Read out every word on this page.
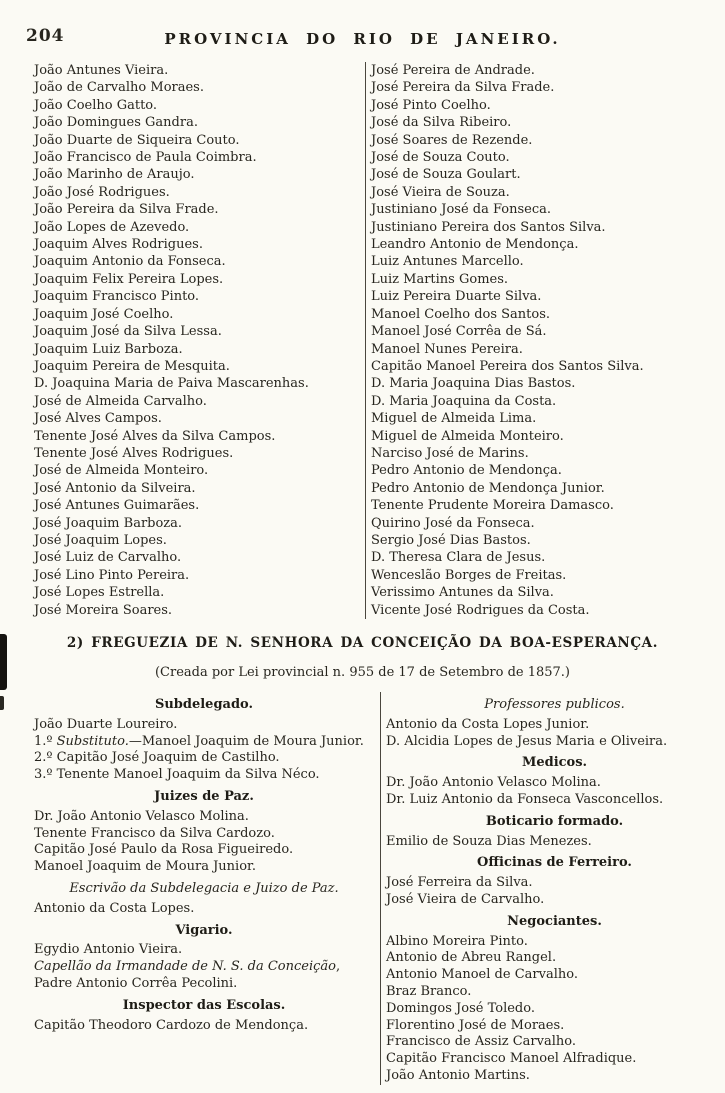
204	PROVINCIA DO RIO DE JANEIRO.
João Antunes Vieira.
João de Carvalho Moraes.
João Coelho Gatto.
João Domingues Gandra.
João Duarte de Siqueira Couto.
João Francisco de Paula Coimbra.
João Marinho de Araujo.
João José Rodrigues.
João Pereira da Silva Frade.
João Lopes de Azevedo.
Joaquim Alves Rodrigues.
Joaquim Antonio da Fonseca.
Joaquim Felix Pereira Lopes.
Joaquim Francisco Pinto.
Joaquim José Coelho.
Joaquim José da Silva Lessa.
Joaquim Luiz Barboza.
Joaquim Pereira de Mesquita.
D. Joaquina Maria de Paiva Mascarenhas.
José de Almeida Carvalho.
José Alves Campos.
Tenente José Alves da Silva Campos.
Tenente José Alves Rodrigues.
José de Almeida Monteiro.
José Antonio da Silveira.
José Antunes Guimarães.
José Joaquim Barboza.
José Joaquim Lopes.
José Luiz de Carvalho.
José Lino Pinto Pereira.
José Lopes Estrella.
José Moreira Soares.
José Pereira de Andrade.
José Pereira da Silva Frade.
José Pinto Coelho.
José da Silva Ribeiro.
José Soares de Rezende.
José de Souza Couto.
José de Souza Goulart.
José Vieira de Souza.
Justiniano José da Fonseca.
Justiniano Pereira dos Santos Silva.
Leandro Antonio de Mendonça.
Luiz Antunes Marcello.
Luiz Martins Gomes.
Luiz Pereira Duarte Silva.
Manoel Coelho dos Santos.
Manoel José Corrêa de Sá.
Manoel Nunes Pereira.
Capitão Manoel Pereira dos Santos Silva.
D. Maria Joaquina Dias Bastos.
D. Maria Joaquina da Costa.
Miguel de Almeida Lima.
Miguel de Almeida Monteiro.
Narciso José de Marins.
Pedro Antonio de Mendonça.
Pedro Antonio de Mendonça Junior.
Tenente Prudente Moreira Damasco.
Quirino José da Fonseca.
Sergio José Dias Bastos.
D. Theresa Clara de Jesus.
Wenceslão Borges de Freitas.
Verissimo Antunes da Silva.
Vicente José Rodrigues da Costa.
2) FREGUEZIA DE N. SENHORA DA CONCEIÇÃO DA BOA-ESPERANÇA.
(Creada por Lei provincial n. 955 de 17 de Setembro de 1857.)
Subdelegado.
João Duarte Loureiro.
1.º Substituto.—Manoel Joaquim de Moura Junior.
2.º Capitão José Joaquim de Castilho.
3.º Tenente Manoel Joaquim da Silva Néco.
Juizes de Paz.
Dr. João Antonio Velasco Molina.
Tenente Francisco da Silva Cardozo.
Capitão José Paulo da Rosa Figueiredo.
Manoel Joaquim de Moura Junior.
Escrivão da Subdelegacia e Juizo de Paz.
Antonio da Costa Lopes.
Vigario.
Egydio Antonio Vieira.
Capellão da Irmandade de N. S. da Conceição, Padre Antonio Corrêa Pecolini.
Inspector das Escolas.
Capitão Theodoro Cardozo de Mendonça.
Professores publicos.
Antonio da Costa Lopes Junior.
D. Alcidia Lopes de Jesus Maria e Oliveira.
Medicos.
Dr. João Antonio Velasco Molina.
Dr. Luiz Antonio da Fonseca Vasconcellos.
Boticario formado.
Emilio de Souza Dias Menezes.
Officinas de Ferreiro.
José Ferreira da Silva.
José Vieira de Carvalho.
Negociantes.
Albino Moreira Pinto.
Antonio de Abreu Rangel.
Antonio Manoel de Carvalho.
Braz Branco.
Domingos José Toledo.
Florentino José de Moraes.
Francisco de Assiz Carvalho.
Capitão Francisco Manoel Alfradique.
João Antonio Martins.
